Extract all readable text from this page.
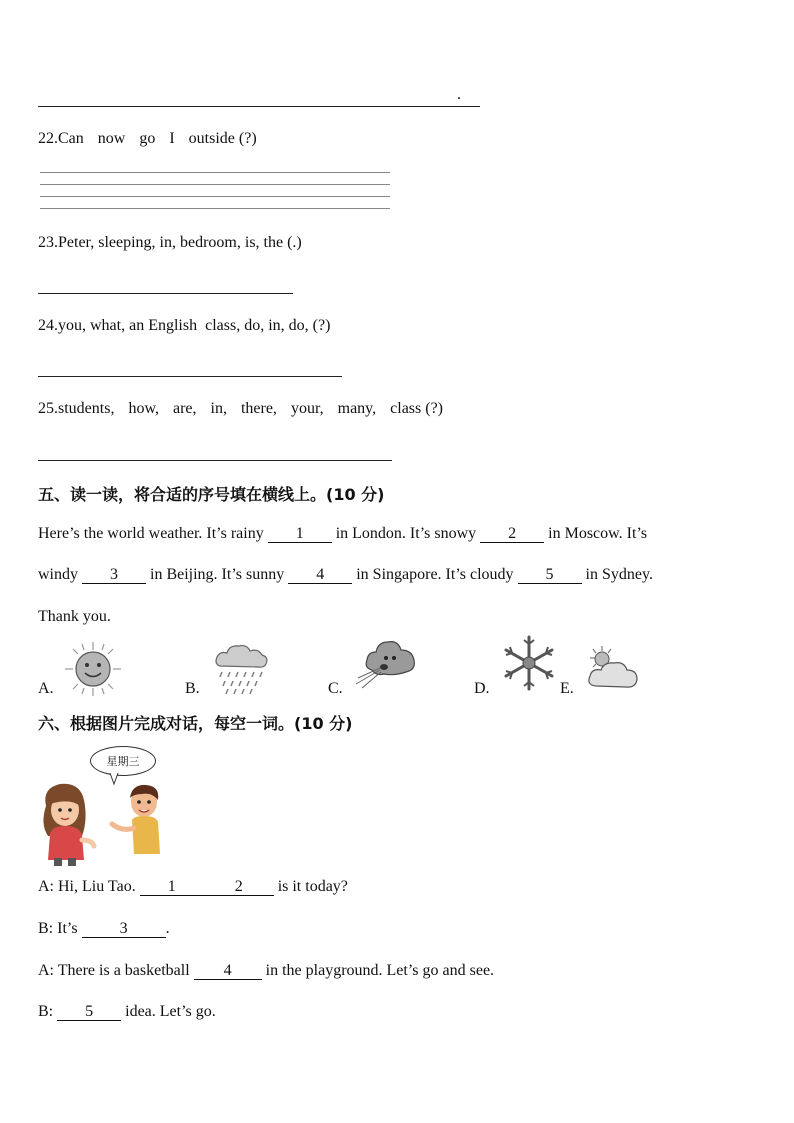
.
22.Can now go I outside (?)
23.Peter, sleeping, in, bedroom, is, the (.)
24.you, what, an English  class, do, in, do, (?)
25.students, how, are, in, there, your, many, class (?)
五、读一读，将合适的序号填在横线上。(10 分)
Here’s the world weather. It’s rainy 1 in London. It’s snowy 2 in Moscow. It’s
windy 3 in Beijing. It’s sunny 4 in Singapore. It’s cloudy 5 in Sydney.
Thank you.
A.	B.	C.	D.	E.
六、根据图片完成对话，每空一词。(10 分)
星期三
A: Hi, Liu Tao. 1	2 is it today?
B: It’s 3 .
A: There is a basketball 4 in the playground. Let’s go and see.
B: 5 idea. Let’s go.
